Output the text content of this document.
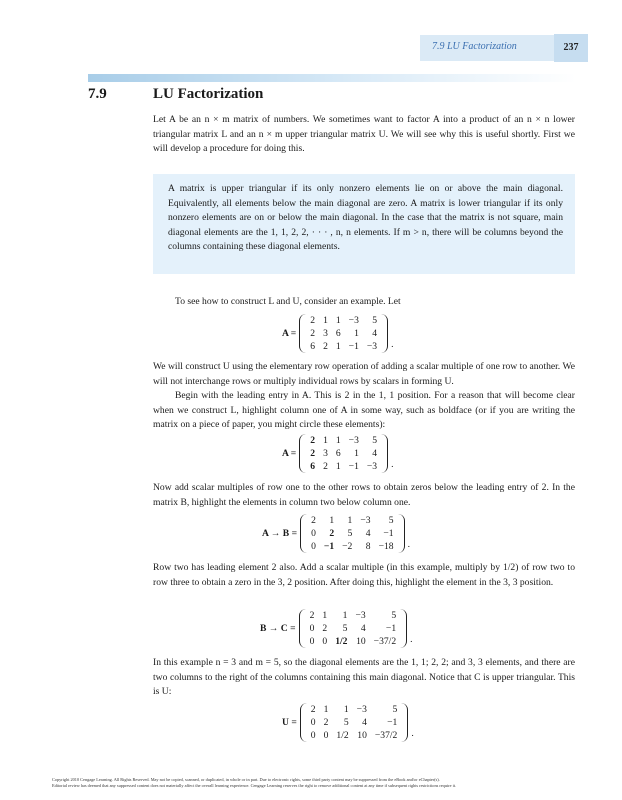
7.9 LU Factorization	237
7.9	LU Factorization
Let A be an n × m matrix of numbers. We sometimes want to factor A into a product of an n × n lower triangular matrix L and an n × m upper triangular matrix U. We will see why this is useful shortly. First we will develop a procedure for doing this.
A matrix is upper triangular if its only nonzero elements lie on or above the main diagonal. Equivalently, all elements below the main diagonal are zero. A matrix is lower triangular if its only nonzero elements are on or below the main diagonal. In the case that the matrix is not square, main diagonal elements are the 1, 1, 2, 2, · · · , n, n elements. If m > n, there will be columns beyond the columns containing these diagonal elements.
To see how to construct L and U, consider an example. Let
A =
2	1	1	−3	5
2	3	6	1	4
6	2	1	−1	−3 .
We will construct U using the elementary row operation of adding a scalar multiple of one row to another. We will not interchange rows or multiply individual rows by scalars in forming U.
Begin with the leading entry in A. This is 2 in the 1, 1 position. For a reason that will become clear when we construct L, highlight column one of A in some way, such as boldface (or if you are writing the matrix on a piece of paper, you might circle these elements):
A =
2	1	1	−3	5
2	3	6	1	4
6	2	1	−1	−3 .
Now add scalar multiples of row one to the other rows to obtain zeros below the leading entry of 2. In the matrix B, highlight the elements in column two below column one.
A → B =
2	1	1	−3	5
0	2	5	4	−1
0	−1	−2	8	−18 .
Row two has leading element 2 also. Add a scalar multiple (in this example, multiply by 1/2) of row two to row three to obtain a zero in the 3, 2 position. After doing this, highlight the element in the 3, 3 position.
B → C =
2	1	1	−3	5
0	2	5	4	−1
0	0	1/2	10	−37/2 .
In this example n = 3 and m = 5, so the diagonal elements are the 1, 1; 2, 2; and 3, 3 elements, and there are two columns to the right of the columns containing this main diagonal. Notice that C is upper triangular. This is U:
U =
2	1	1	−3	5
0	2	5	4	−1
0	0	1/2	10	−37/2 .
Copyright 2010 Cengage Learning. All Rights Reserved. May not be copied, scanned, or duplicated, in whole or in part. Due to electronic rights, some third party content may be suppressed from the eBook and/or eChapter(s).
Editorial review has deemed that any suppressed content does not materially affect the overall learning experience. Cengage Learning reserves the right to remove additional content at any time if subsequent rights restrictions require it.
